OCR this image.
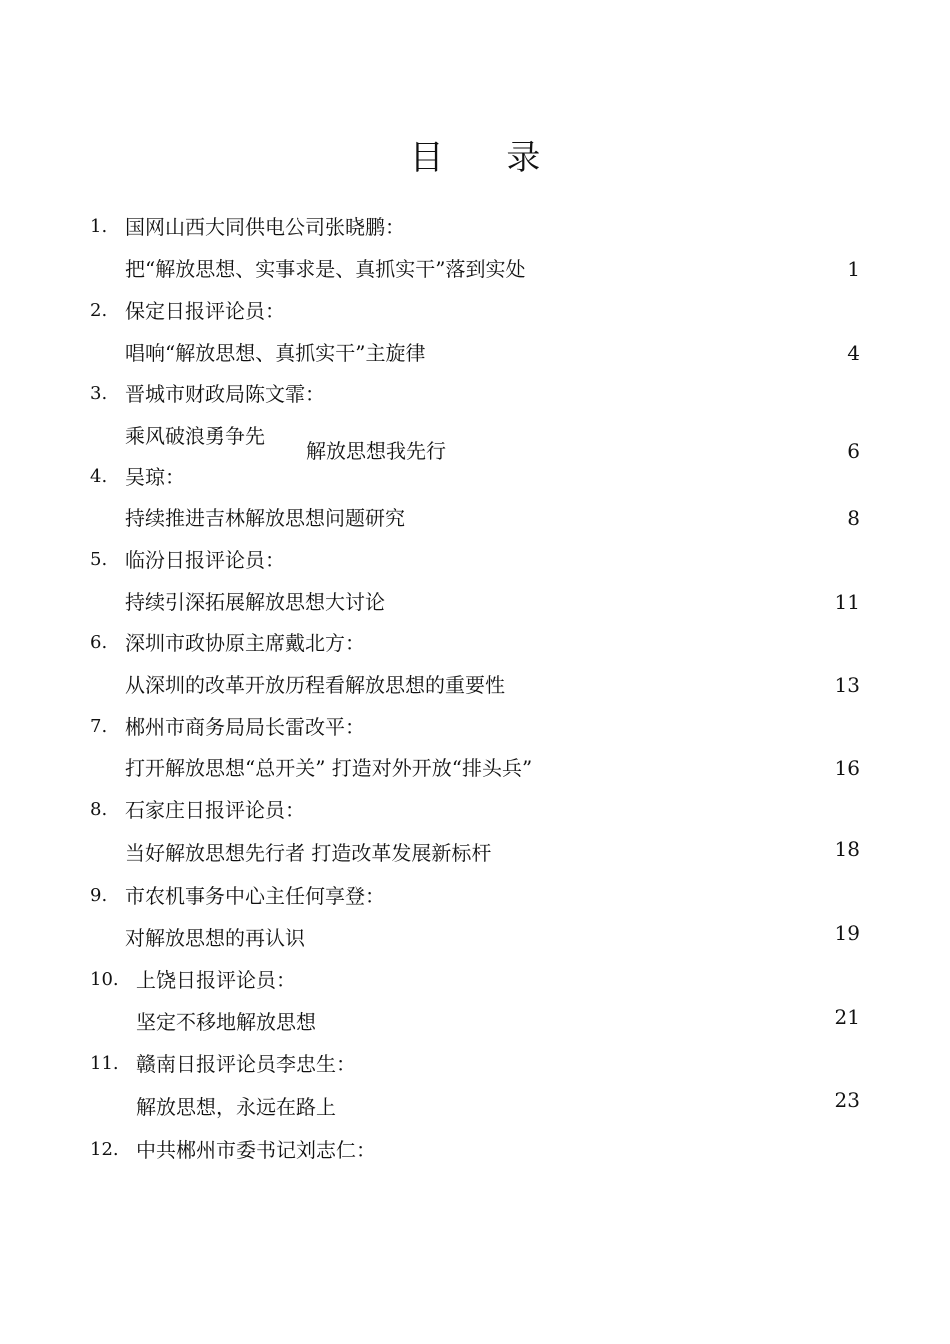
目 录
1. 国网山西大同供电公司张晓鹏：
把“解放思想、实事求是、真抓实干”落到实处	1
2. 保定日报评论员：
唱响“解放思想、真抓实干”主旋律	4
3. 晋城市财政局陈文霏：
乘风破浪勇争先
解放思想我先行	6
4. 吴琼：
持续推进吉林解放思想问题研究	8
5. 临汾日报评论员：
持续引深拓展解放思想大讨论	11
6. 深圳市政协原主席戴北方：
从深圳的改革开放历程看解放思想的重要性	13
7. 郴州市商务局局长雷改平：
打开解放思想“总开关” 打造对外开放“排头兵”	16
8. 石家庄日报评论员：
当好解放思想先行者 打造改革发展新标杆	18
9. 市农机事务中心主任何享登：
对解放思想的再认识	19
10. 上饶日报评论员：
坚定不移地解放思想	21
11. 赣南日报评论员李忠生：
解放思想，永远在路上	23
12. 中共郴州市委书记刘志仁：
